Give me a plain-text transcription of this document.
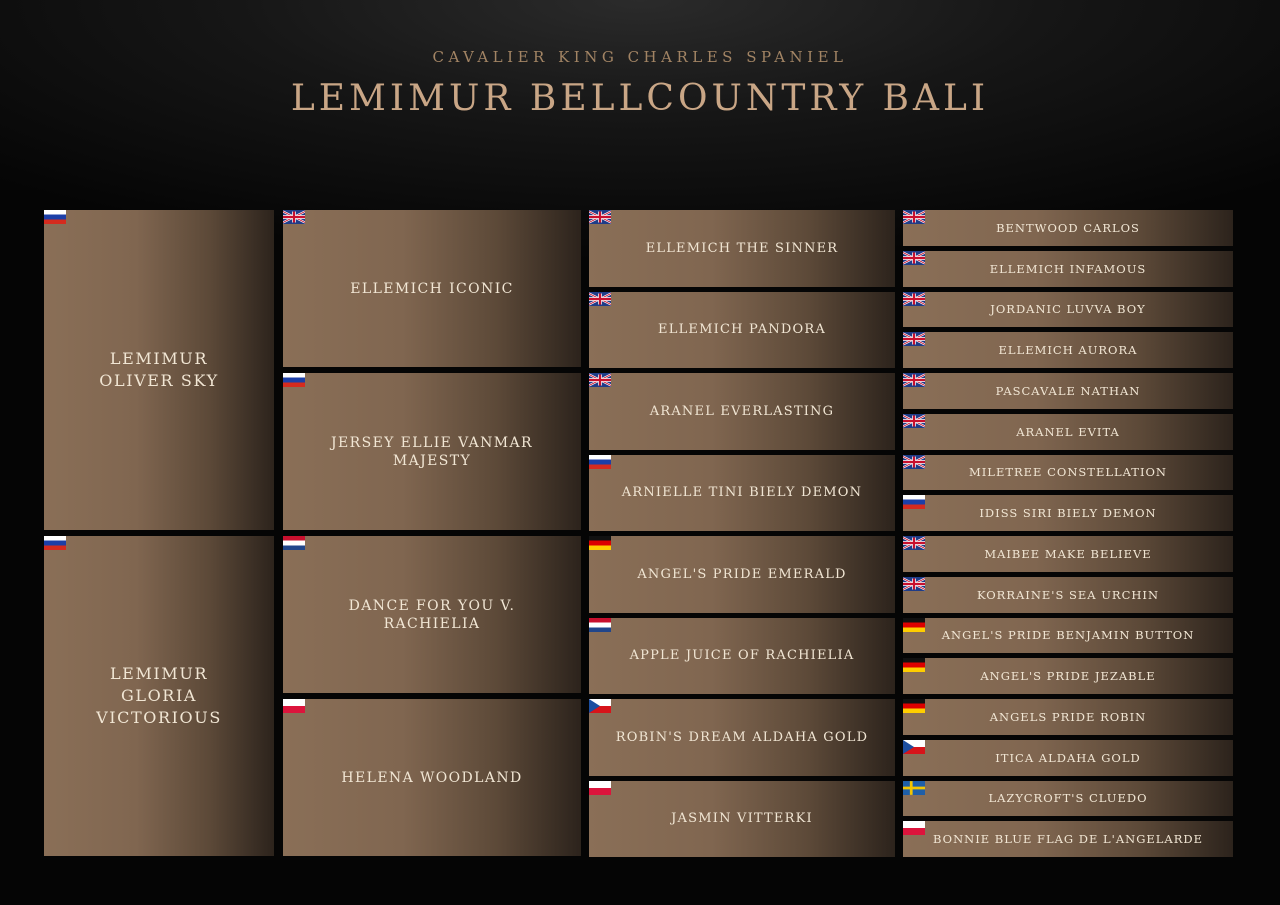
CAVALIER KING CHARLES SPANIEL
LEMIMUR BELLCOUNTRY BALI
LEMIMUR
OLIVER SKY
LEMIMUR
GLORIA
VICTORIOUS
ELLEMICH ICONIC
JERSEY ELLIE VANMAR
MAJESTY
DANCE FOR YOU V. RACHIELIA
HELENA WOODLAND
ELLEMICH THE SINNER
ELLEMICH PANDORA
ARANEL EVERLASTING
ARNIELLE TINI BIELY DEMON
ANGEL'S PRIDE EMERALD
APPLE JUICE OF RACHIELIA
ROBIN'S DREAM ALDAHA GOLD
JASMIN VITTERKI
BENTWOOD CARLOS
ELLEMICH INFAMOUS
JORDANIC LUVVA BOY
ELLEMICH AURORA
PASCAVALE NATHAN
ARANEL EVITA
MILETREE CONSTELLATION
IDISS SIRI BIELY DEMON
MAIBEE MAKE BELIEVE
KORRAINE'S SEA URCHIN
ANGEL'S PRIDE BENJAMIN BUTTON
ANGEL'S PRIDE JEZABLE
ANGELS PRIDE ROBIN
ITICA ALDAHA GOLD
LAZYCROFT'S CLUEDO
BONNIE BLUE FLAG DE L'ANGELARDE
